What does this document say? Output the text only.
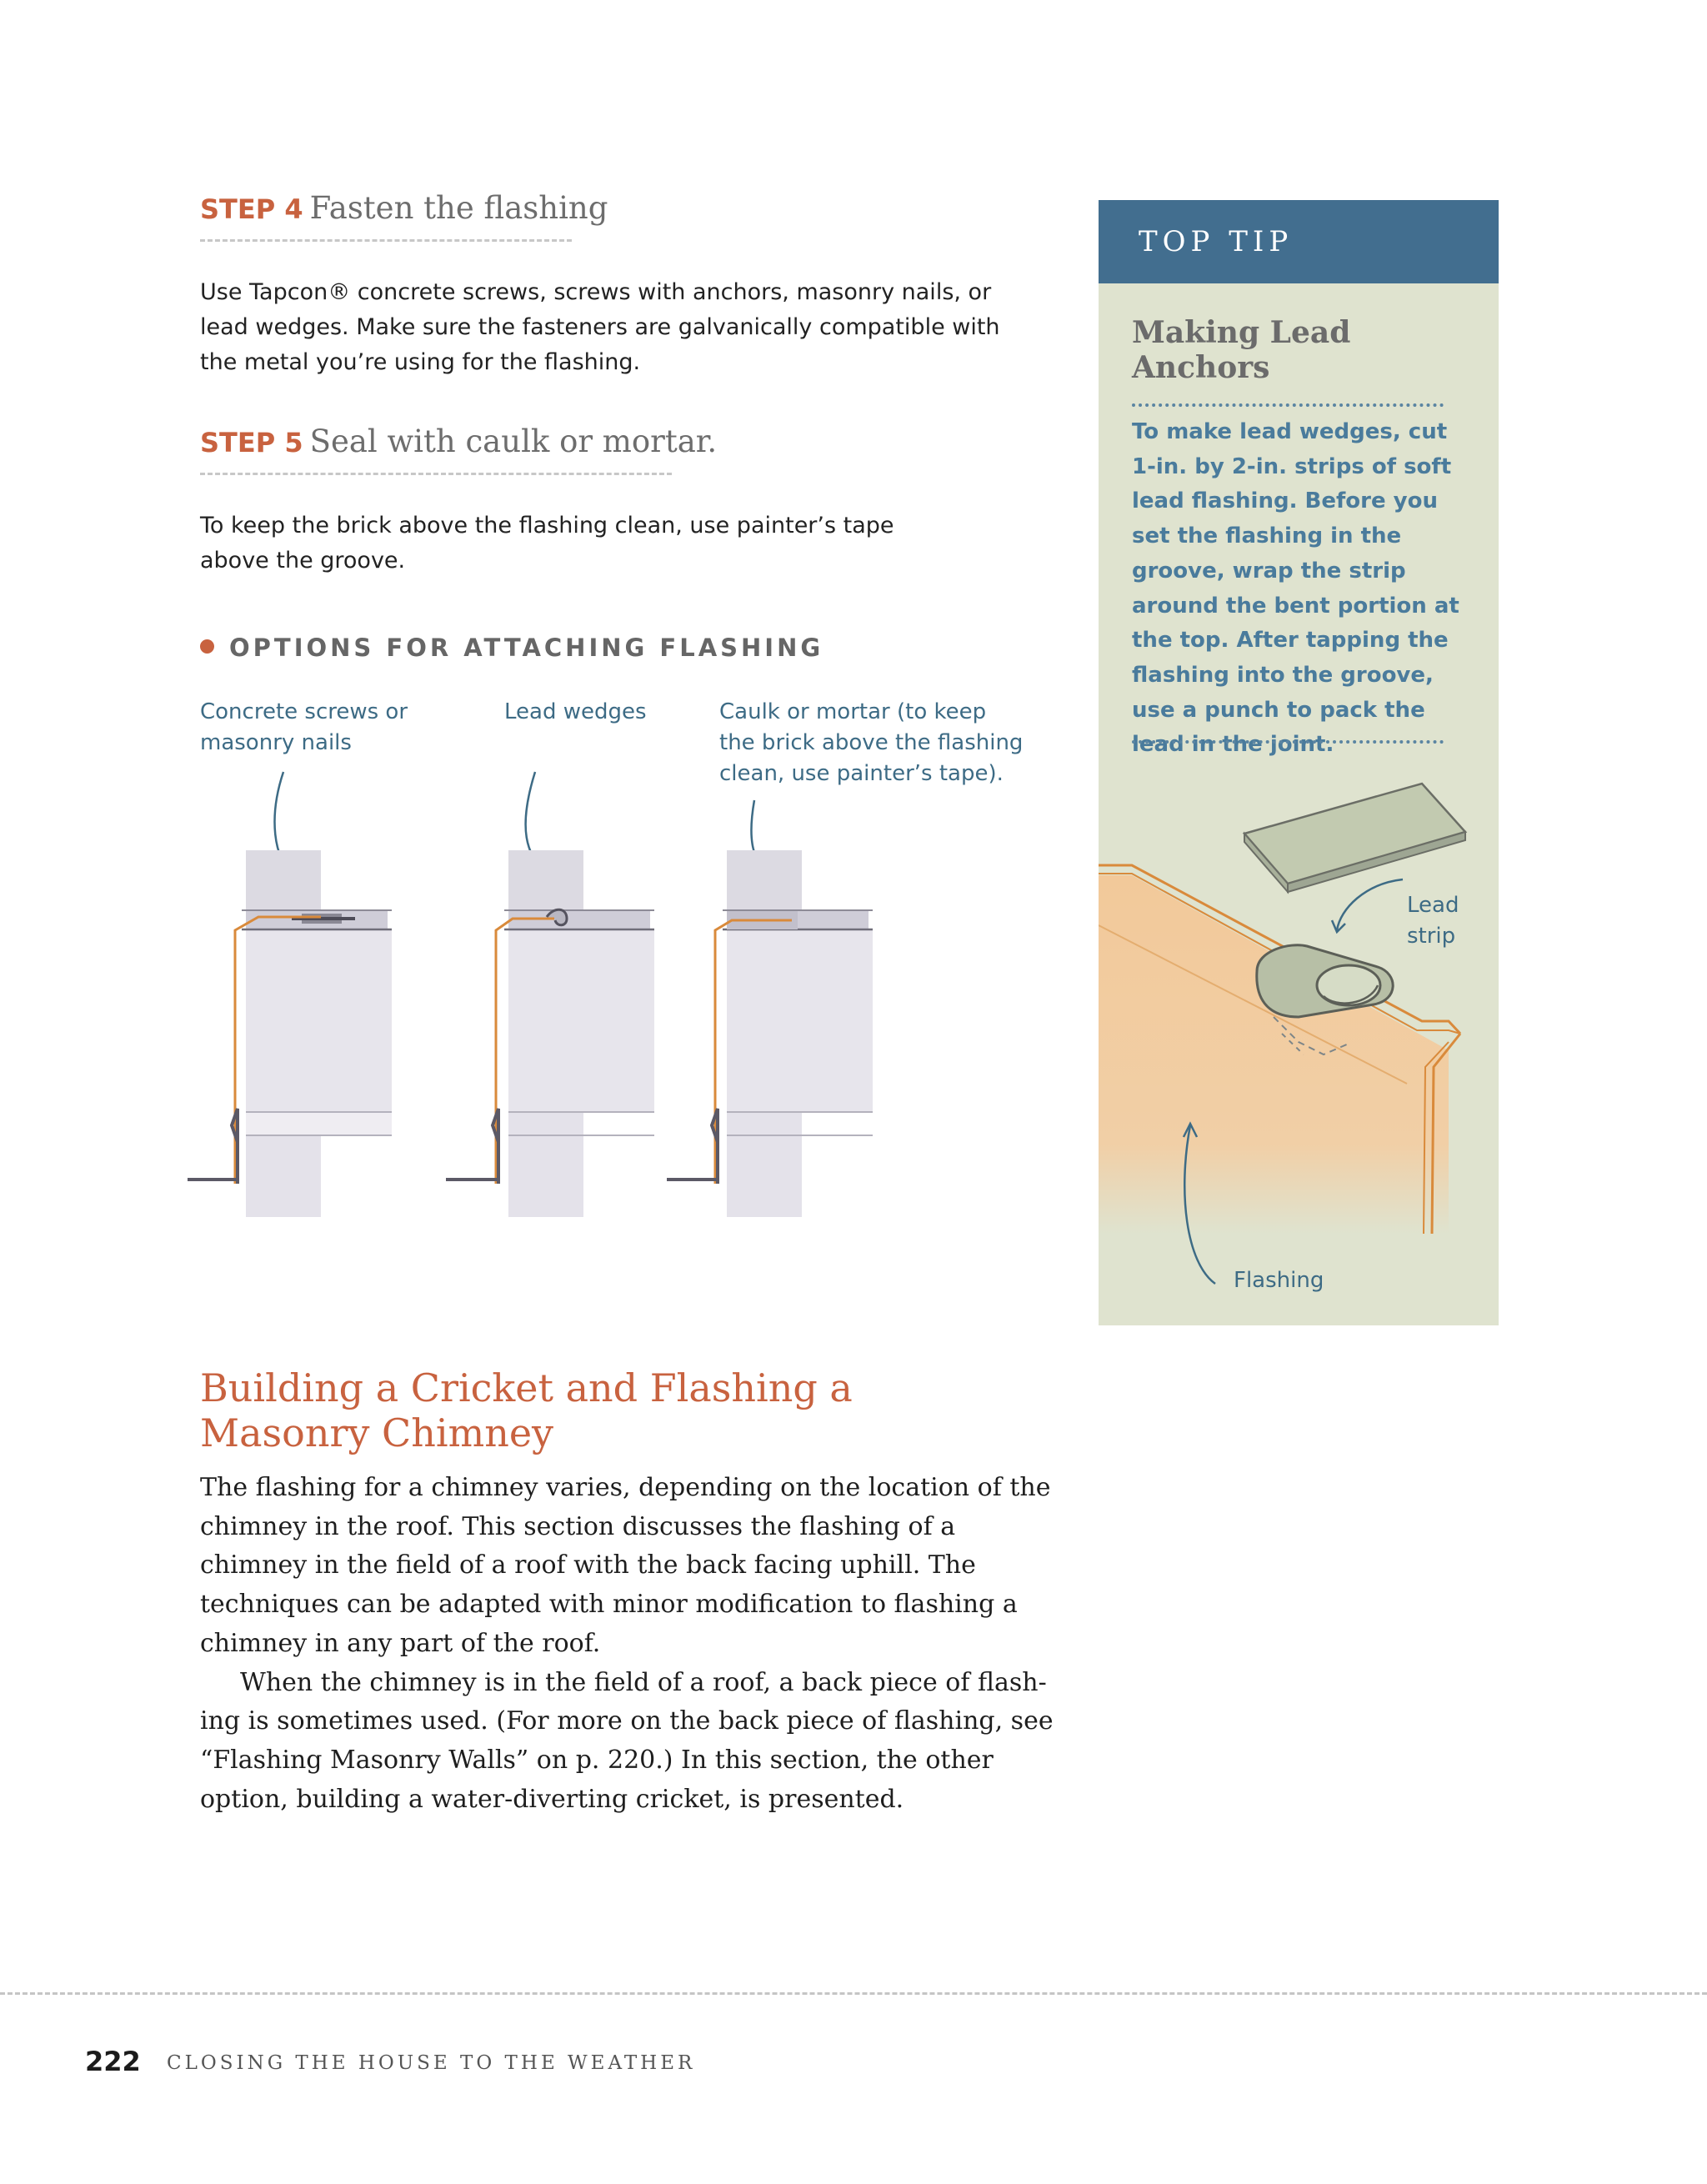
STEP 4 Fasten the flashing
Use Tapcon® concrete screws, screws with anchors, masonry nails, or lead wedges. Make sure the fasteners are galvanically compatible with the metal you’re using for the flashing.
STEP 5 Seal with caulk or mortar.
To keep the brick above the flashing clean, use painter’s tape above the groove.
OPTIONS FOR ATTACHING FLASHING
Concrete screws or masonry nails
Lead wedges	Caulk or mortar (to keep the brick above the flashing clean, use painter’s tape).
TOP TIP
Making Lead Anchors
To make lead wedges, cut 1-in. by 2-in. strips of soft lead flashing. Before you set the flashing in the groove, wrap the strip around the bent portion at the top. After tapping the flashing into the groove, use a punch to pack the lead in the joint.
Lead
strip
Flashing
Building a Cricket and Flashing a Masonry Chimney

The flashing for a chimney varies, depending on the location of the chimney in the roof. This section discusses the flashing of a chimney in the field of a roof with the back facing uphill. The techniques can be adapted with minor modification to flashing a chimney in any part of the roof.

When the chimney is in the field of a roof, a back piece of flash-ing is sometimes used. (For more on the back piece of flashing, see “Flashing Masonry Walls” on p. 220.) In this section, the other option, building a water-diverting cricket, is presented.

222 CLOSING THE HOUSE TO THE WEATHER
